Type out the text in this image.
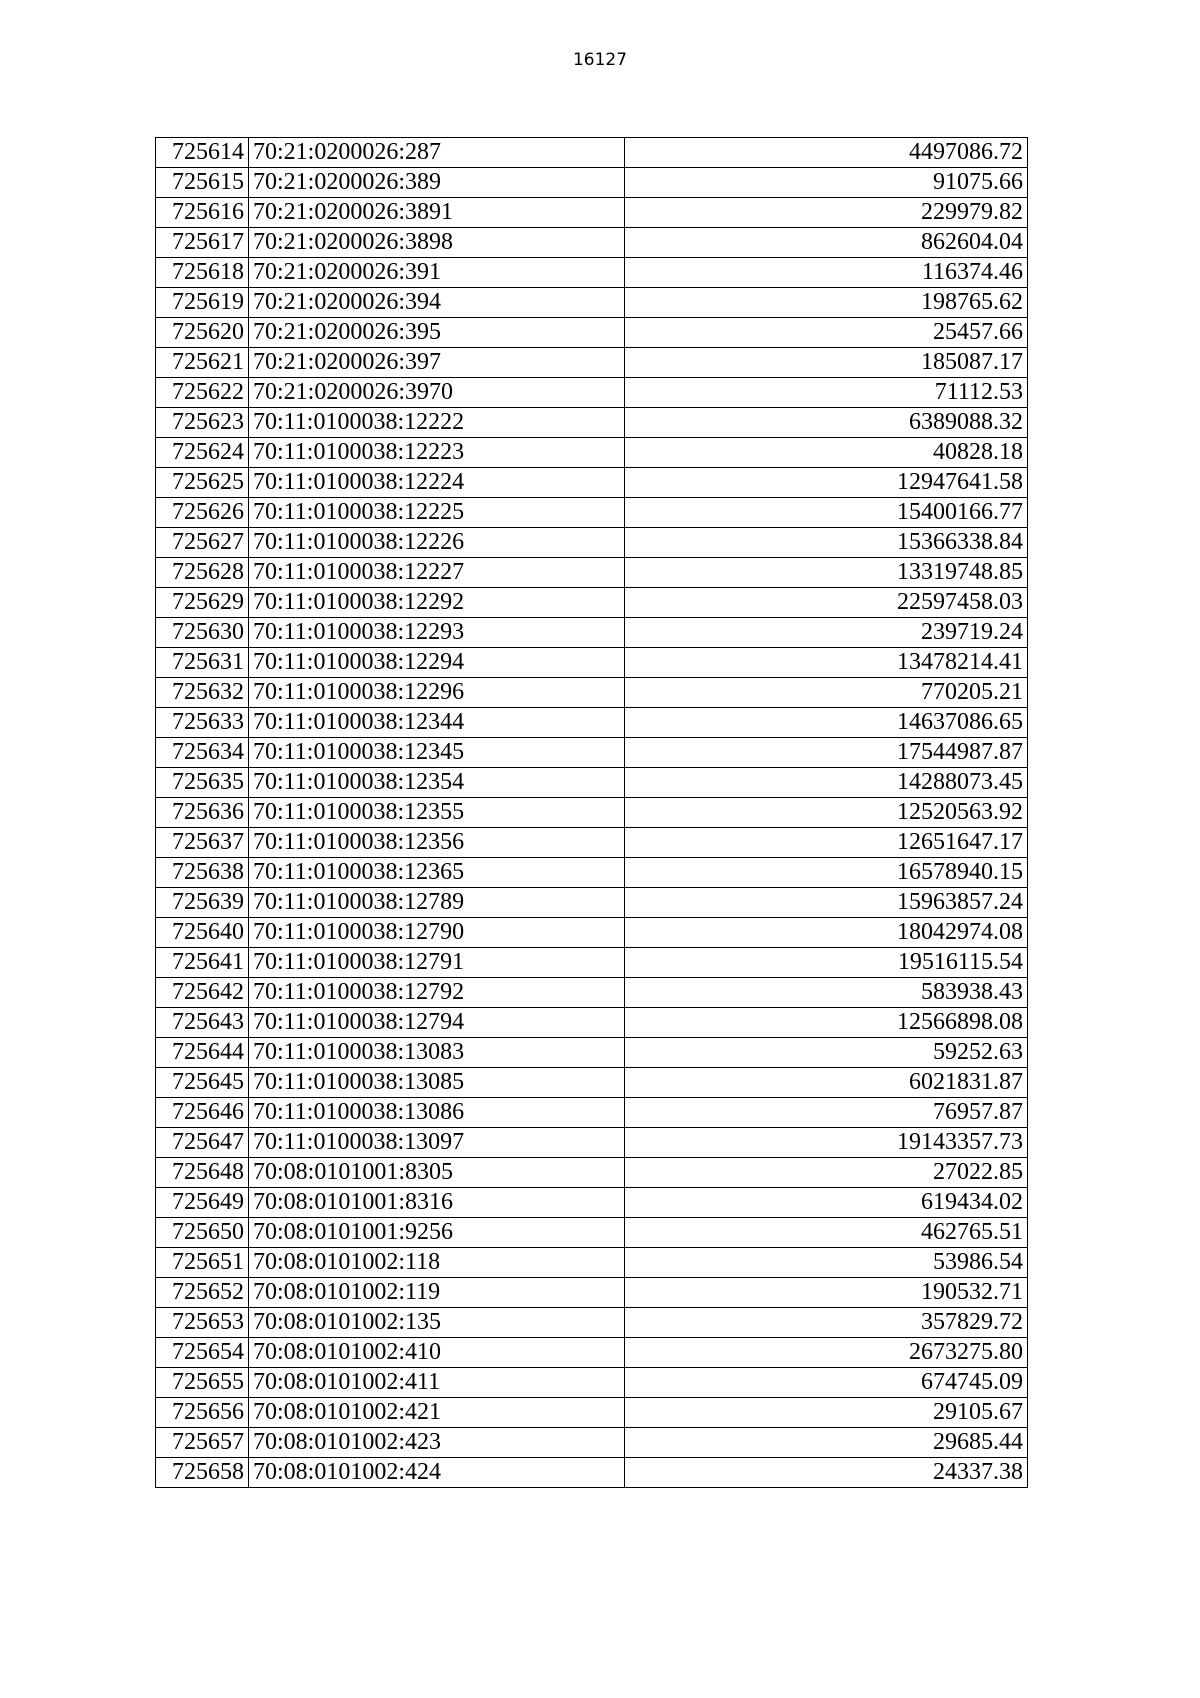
16127
725614	70:21:0200026:287	4497086.72
725615	70:21:0200026:389	91075.66
725616	70:21:0200026:3891	229979.82
725617	70:21:0200026:3898	862604.04
725618	70:21:0200026:391	116374.46
725619	70:21:0200026:394	198765.62
725620	70:21:0200026:395	25457.66
725621	70:21:0200026:397	185087.17
725622	70:21:0200026:3970	71112.53
725623	70:11:0100038:12222	6389088.32
725624	70:11:0100038:12223	40828.18
725625	70:11:0100038:12224	12947641.58
725626	70:11:0100038:12225	15400166.77
725627	70:11:0100038:12226	15366338.84
725628	70:11:0100038:12227	13319748.85
725629	70:11:0100038:12292	22597458.03
725630	70:11:0100038:12293	239719.24
725631	70:11:0100038:12294	13478214.41
725632	70:11:0100038:12296	770205.21
725633	70:11:0100038:12344	14637086.65
725634	70:11:0100038:12345	17544987.87
725635	70:11:0100038:12354	14288073.45
725636	70:11:0100038:12355	12520563.92
725637	70:11:0100038:12356	12651647.17
725638	70:11:0100038:12365	16578940.15
725639	70:11:0100038:12789	15963857.24
725640	70:11:0100038:12790	18042974.08
725641	70:11:0100038:12791	19516115.54
725642	70:11:0100038:12792	583938.43
725643	70:11:0100038:12794	12566898.08
725644	70:11:0100038:13083	59252.63
725645	70:11:0100038:13085	6021831.87
725646	70:11:0100038:13086	76957.87
725647	70:11:0100038:13097	19143357.73
725648	70:08:0101001:8305	27022.85
725649	70:08:0101001:8316	619434.02
725650	70:08:0101001:9256	462765.51
725651	70:08:0101002:118	53986.54
725652	70:08:0101002:119	190532.71
725653	70:08:0101002:135	357829.72
725654	70:08:0101002:410	2673275.80
725655	70:08:0101002:411	674745.09
725656	70:08:0101002:421	29105.67
725657	70:08:0101002:423	29685.44
725658	70:08:0101002:424	24337.38
